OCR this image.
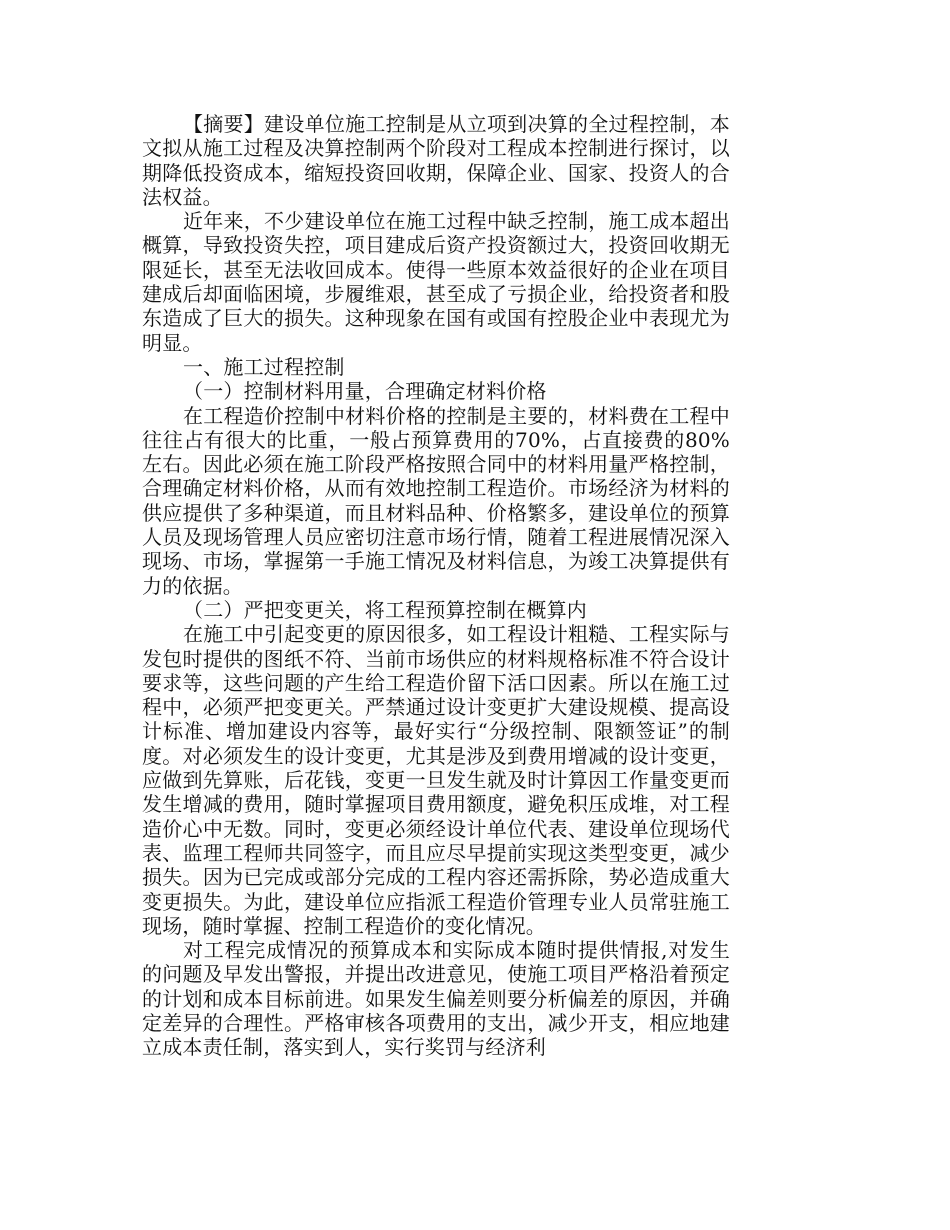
【摘要】建设单位施工控制是从立项到决算的全过程控制，本文拟从施工过程及决算控制两个阶段对工程成本控制进行探讨，以期降低投资成本，缩短投资回收期，保障企业、国家、投资人的合法权益。

近年来，不少建设单位在施工过程中缺乏控制，施工成本超出概算，导致投资失控，项目建成后资产投资额过大，投资回收期无限延长，甚至无法收回成本。使得一些原本效益很好的企业在项目建成后却面临困境，步履维艰，甚至成了亏损企业，给投资者和股东造成了巨大的损失。这种现象在国有或国有控股企业中表现尤为明显。

一、施工过程控制

（一）控制材料用量，合理确定材料价格

在工程造价控制中材料价格的控制是主要的，材料费在工程中往往占有很大的比重，一般占预算费用的70%，占直接费的80%左右。因此必须在施工阶段严格按照合同中的材料用量严格控制，合理确定材料价格，从而有效地控制工程造价。市场经济为材料的供应提供了多种渠道，而且材料品种、价格繁多，建设单位的预算人员及现场管理人员应密切注意市场行情，随着工程进展情况深入现场、市场，掌握第一手施工情况及材料信息，为竣工决算提供有力的依据。

（二）严把变更关，将工程预算控制在概算内

在施工中引起变更的原因很多，如工程设计粗糙、工程实际与发包时提供的图纸不符、当前市场供应的材料规格标准不符合设计要求等，这些问题的产生给工程造价留下活口因素。所以在施工过程中，必须严把变更关。严禁通过设计变更扩大建设规模、提高设计标准、增加建设内容等，最好实行“分级控制、限额签证”的制度。对必须发生的设计变更，尤其是涉及到费用增减的设计变更，应做到先算账，后花钱，变更一旦发生就及时计算因工作量变更而发生增减的费用，随时掌握项目费用额度，避免积压成堆，对工程造价心中无数。同时，变更必须经设计单位代表、建设单位现场代表、监理工程师共同签字，而且应尽早提前实现这类型变更，减少损失。因为已完成或部分完成的工程内容还需拆除，势必造成重大变更损失。为此，建设单位应指派工程造价管理专业人员常驻施工现场，随时掌握、控制工程造价的变化情况。

对工程完成情况的预算成本和实际成本随时提供情报,对发生的问题及早发出警报，并提出改进意见，使施工项目严格沿着预定的计划和成本目标前进。如果发生偏差则要分析偏差的原因，并确定差异的合理性。严格审核各项费用的支出，减少开支，相应地建立成本责任制，落实到人，实行奖罚与经济利
